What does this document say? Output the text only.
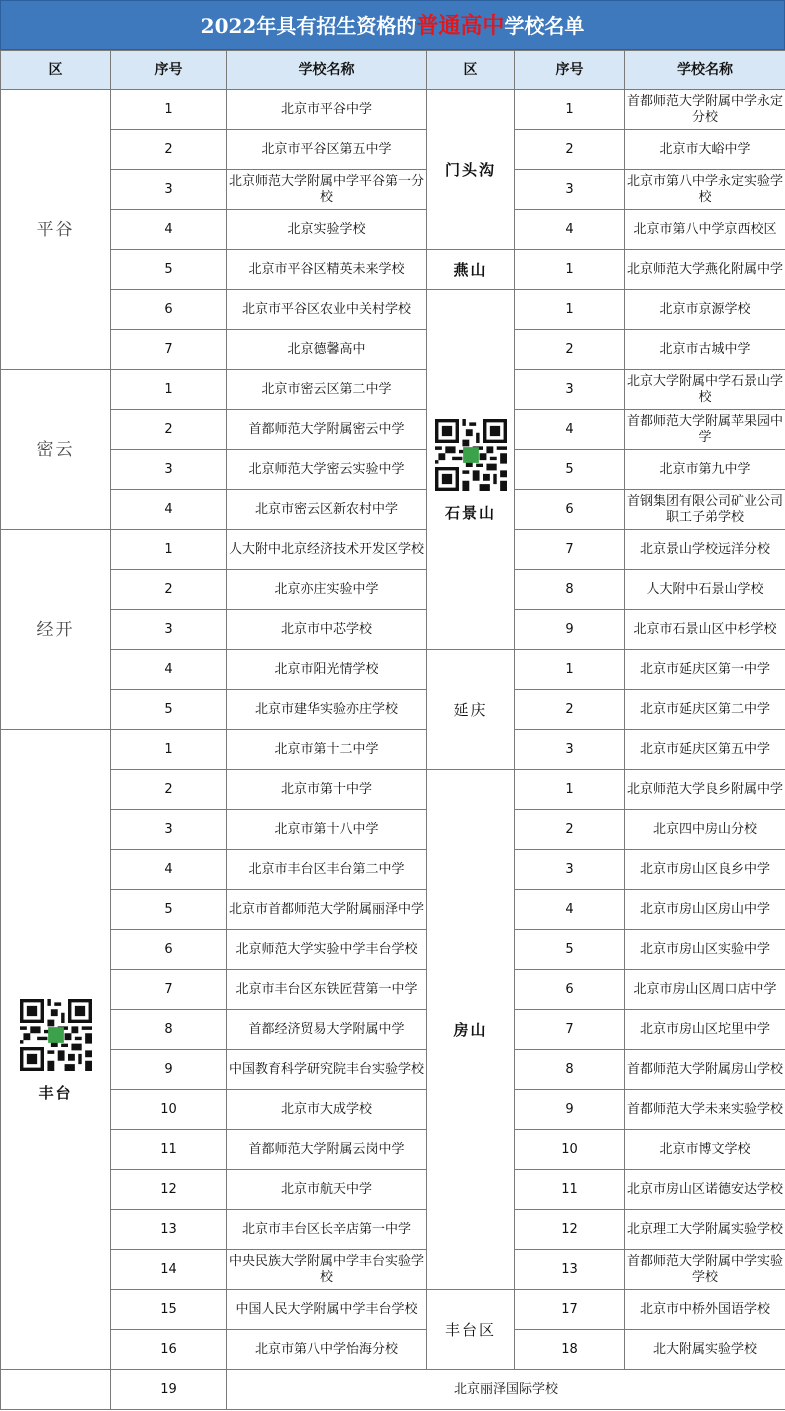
2022年具有招生资格的普通高中学校名单
区	序号	学校名称	区	序号	学校名称
平谷	1	北京市平谷中学	门头沟	1	首都师范大学附属中学永定分校
	2	北京市平谷区第五中学		2	北京市大峪中学
	3	北京师范大学附属中学平谷第一分校		3	北京市第八中学永定实验学校
	4	北京实验学校		4	北京市第八中学京西校区
	5	北京市平谷区精英未来学校	燕山	1	北京师范大学燕化附属中学
	6	北京市平谷区农业中关村学校	石景山	1	北京市京源学校
	7	北京德馨高中		2	北京市古城中学
密云	1	北京市密云区第二中学		3	北京大学附属中学石景山学校
	2	首都师范大学附属密云中学		4	首都师范大学附属苹果园中学
	3	北京师范大学密云实验中学		5	北京市第九中学
	4	北京市密云区新农村中学		6	首钢集团有限公司矿业公司职工子弟学校
经开	1	人大附中北京经济技术开发区学校		7	北京景山学校远洋分校
	2	北京亦庄实验中学		8	人大附中石景山学校
	3	北京市中芯学校		9	北京市石景山区中杉学校
	4	北京市阳光情学校	延庆	1	北京市延庆区第一中学
	5	北京市建华实验亦庄学校		2	北京市延庆区第二中学

丰台	1	北京市第十二中学		3	北京市延庆区第五中学
	2	北京市第十中学	房山	1	北京师范大学良乡附属中学
	3	北京市第十八中学		2	北京四中房山分校
	4	北京市丰台区丰台第二中学		3	北京市房山区良乡中学
	5	北京市首都师范大学附属丽泽中学		4	北京市房山区房山中学
	6	北京师范大学实验中学丰台学校		5	北京市房山区实验中学
	7	北京市丰台区东铁匠营第一中学		6	北京市房山区周口店中学
	8	首都经济贸易大学附属中学		7	北京市房山区坨里中学
	9	中国教育科学研究院丰台实验学校		8	首都师范大学附属房山学校
	10	北京市大成学校		9	首都师范大学未来实验学校
	11	首都师范大学附属云岗中学		10	北京市博文学校
	12	北京市航天中学		11	北京市房山区诺德安达学校
	13	北京市丰台区长辛店第一中学		12	北京理工大学附属实验学校
	14	中央民族大学附属中学丰台实验学校		13	首都师范大学附属中学实验学校
	15	中国人民大学附属中学丰台学校	丰台区	17	北京市中桥外国语学校
	16	北京市第八中学怡海分校		18	北大附属实验学校
	19	北京丽泽国际学校			
